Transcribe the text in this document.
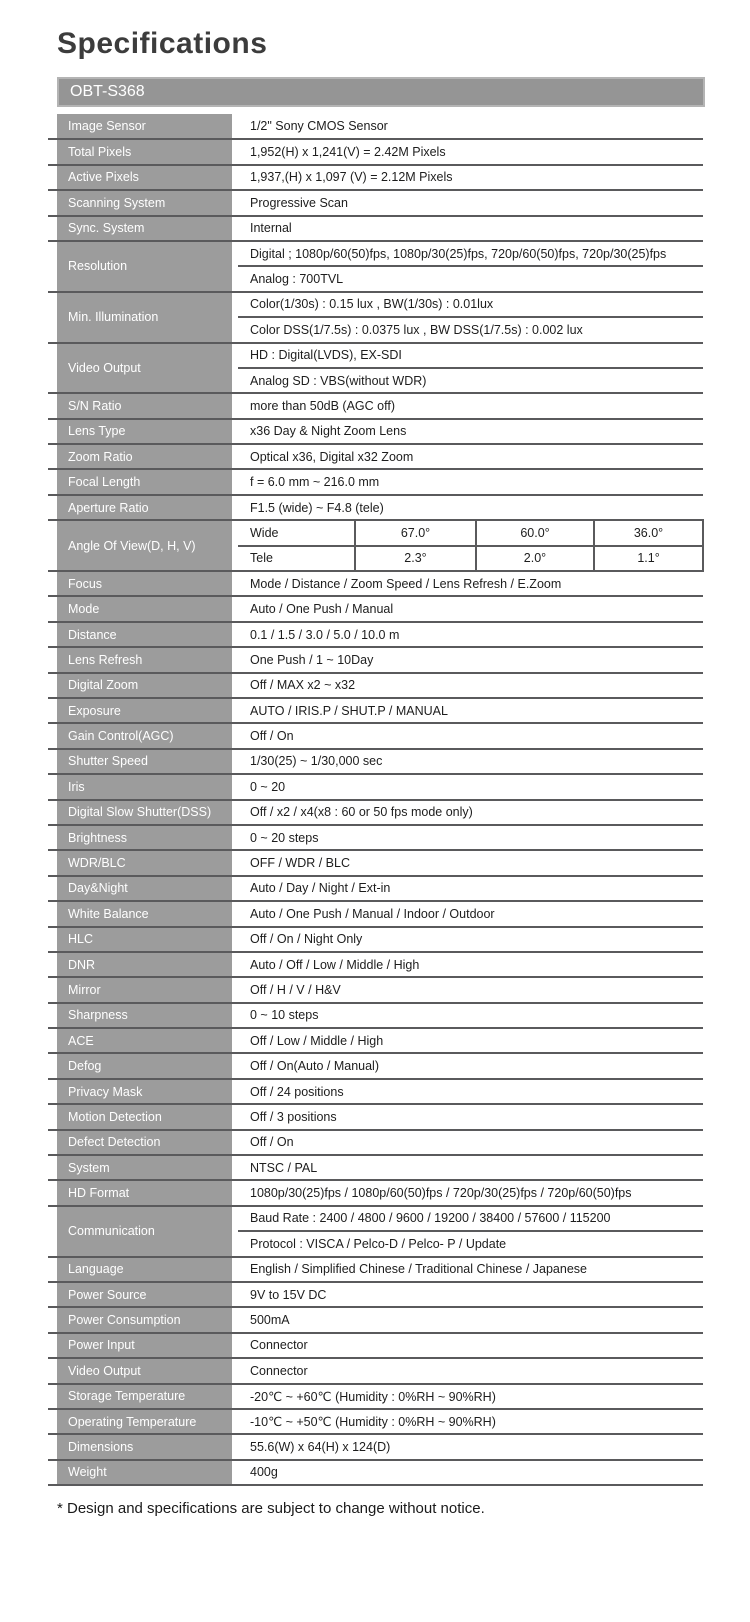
Specifications
OBT-S368
	Image Sensor		1/2" Sony CMOS Sensor			
	Total Pixels		1,952(H) x 1,241(V) = 2.42M Pixels			
	Active Pixels		1,937,(H) x 1,097 (V) = 2.12M Pixels			
	Scanning System		Progressive Scan			
	Sync. System		Internal			
	Resolution		Digital ; 1080p/60(50)fps, 1080p/30(25)fps, 720p/60(50)fps, 720p/30(25)fps			
			Analog : 700TVL			
	Min. Illumination		Color(1/30s) : 0.15 lux , BW(1/30s) : 0.01lux			
			Color DSS(1/7.5s) : 0.0375 lux , BW DSS(1/7.5s) : 0.002 lux			
	Video Output		HD : Digital(LVDS), EX-SDI			
			Analog SD : VBS(without WDR)			
	S/N Ratio		more than 50dB (AGC off)			
	Lens Type		x36 Day & Night Zoom Lens			
	Zoom Ratio		Optical x36, Digital x32 Zoom			
	Focal Length		f = 6.0 mm ~ 216.0 mm			
	Aperture Ratio		F1.5 (wide) ~ F4.8 (tele)			
	Angle Of View(D, H, V)		Wide	67.0°	60.0°	36.0°
			Tele	2.3°	2.0°	1.1°
	Focus		Mode / Distance / Zoom Speed / Lens Refresh / E.Zoom			
	Mode		Auto / One Push / Manual			
	Distance		0.1 / 1.5 / 3.0 / 5.0 / 10.0 m			
	Lens Refresh		One Push / 1 ~ 10Day			
	Digital Zoom		Off / MAX x2 ~ x32			
	Exposure		AUTO / IRIS.P / SHUT.P / MANUAL			
	Gain Control(AGC)		Off / On			
	Shutter Speed		1/30(25) ~ 1/30,000 sec			
	Iris		0 ~ 20			
	Digital Slow Shutter(DSS)		Off / x2 / x4(x8 : 60 or 50 fps mode only)			
	Brightness		0 ~ 20 steps			
	WDR/BLC		OFF / WDR / BLC			
	Day&Night		Auto / Day / Night / Ext-in			
	White Balance		Auto / One Push / Manual / Indoor / Outdoor			
	HLC		Off / On / Night Only			
	DNR		Auto / Off / Low / Middle / High			
	Mirror		Off / H / V / H&V			
	Sharpness		0 ~ 10 steps			
	ACE		Off / Low / Middle / High			
	Defog		Off / On(Auto / Manual)			
	Privacy Mask		Off / 24 positions			
	Motion Detection		Off / 3 positions			
	Defect Detection		Off / On			
	System		NTSC / PAL			
	HD Format		1080p/30(25)fps / 1080p/60(50)fps / 720p/30(25)fps / 720p/60(50)fps			
	Communication		Baud Rate : 2400 / 4800 / 9600 / 19200 / 38400 / 57600 / 115200			
			Protocol : VISCA / Pelco-D / Pelco- P / Update			
	Language		English / Simplified Chinese / Traditional Chinese / Japanese			
	Power Source		9V to 15V DC			
	Power Consumption		500mA			
	Power Input		Connector			
	Video Output		Connector			
	Storage Temperature		-20℃ ~ +60℃ (Humidity : 0%RH ~ 90%RH)			
	Operating Temperature		-10℃ ~ +50℃ (Humidity : 0%RH ~ 90%RH)			
	Dimensions		55.6(W) x 64(H) x 124(D)			
	Weight		400g			

* Design and specifications are subject to change without notice.
